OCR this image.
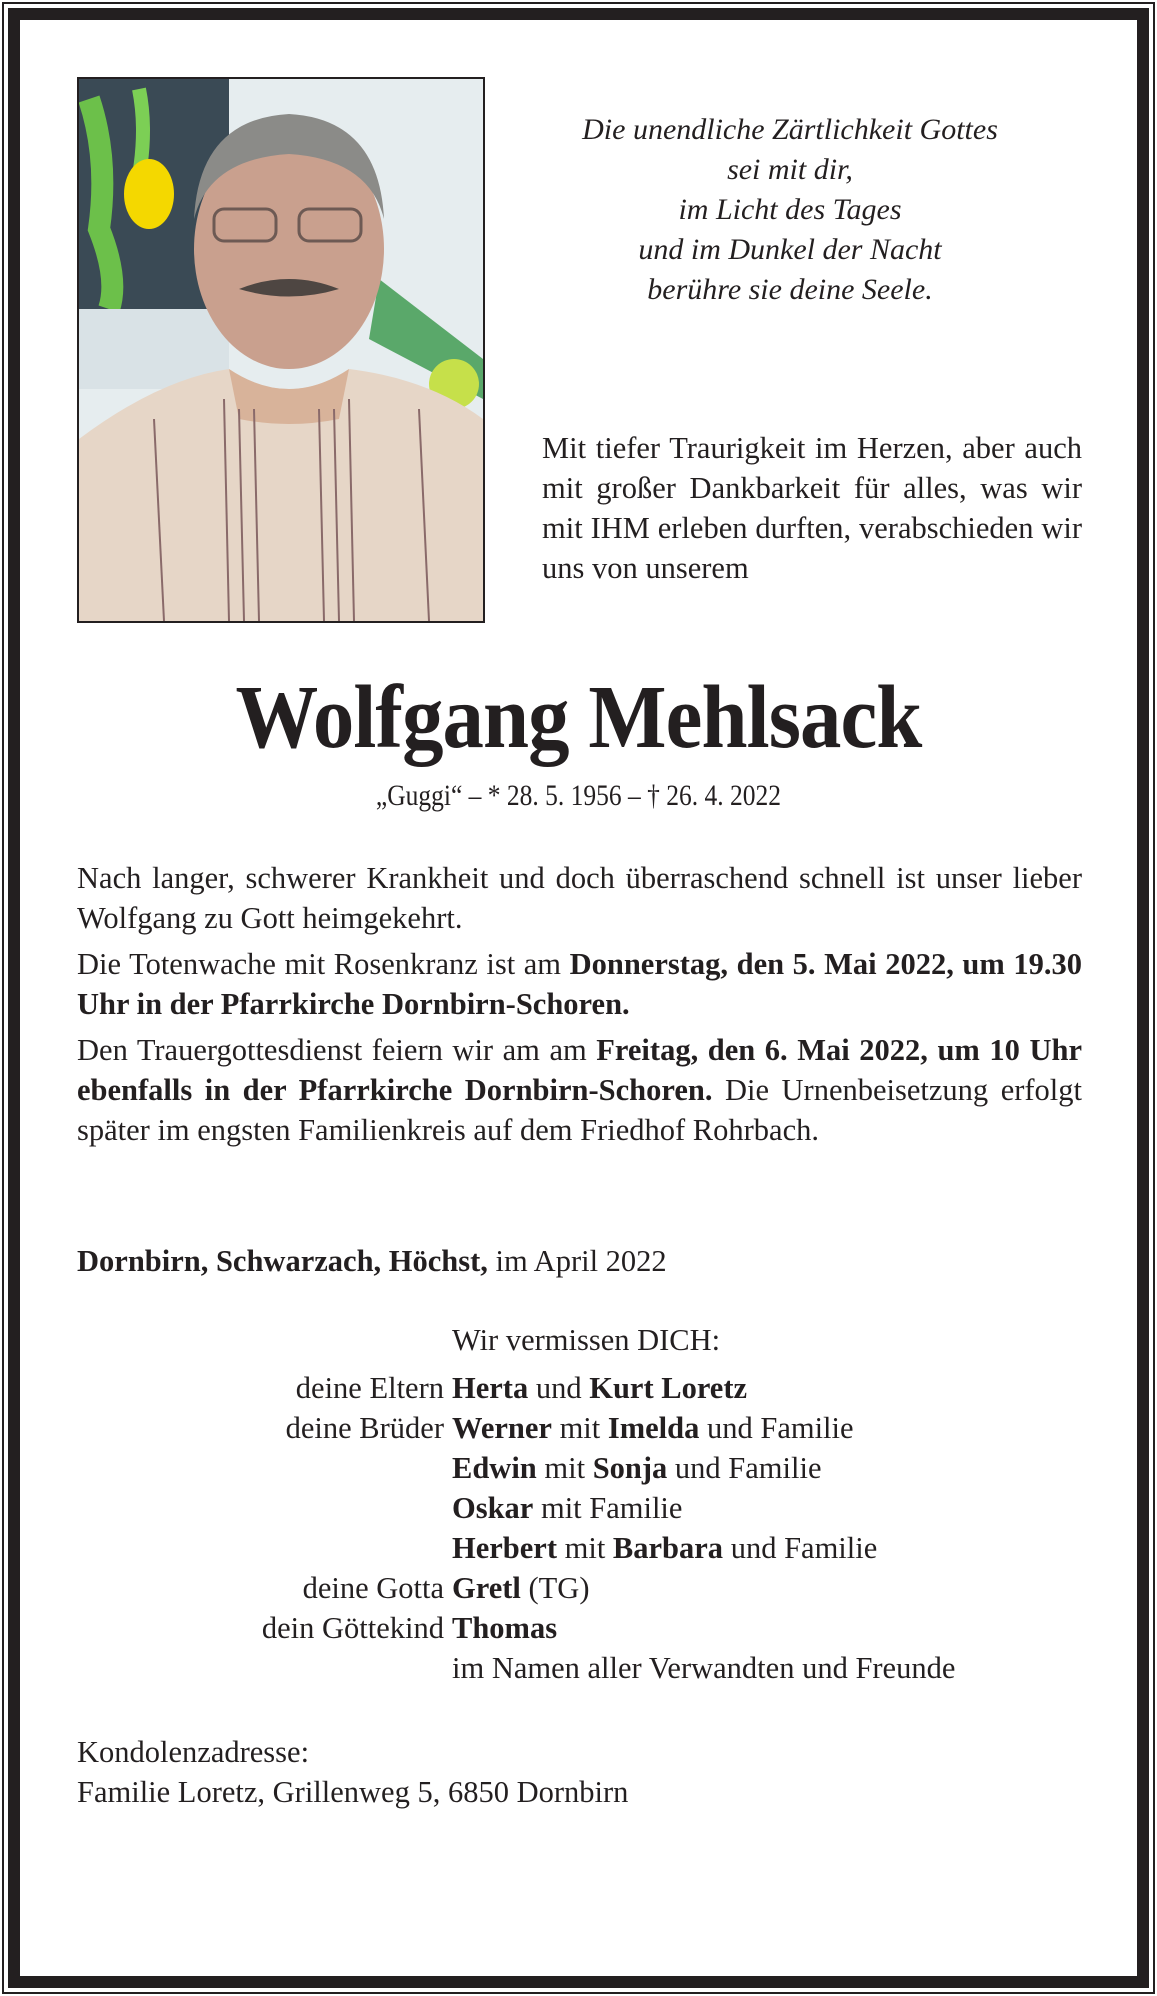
Die unendliche Zärtlichkeit Gottes
sei mit dir,
im Licht des Tages
und im Dunkel der Nacht
berühre sie deine Seele.
Mit tiefer Traurigkeit im Herzen, aber auch mit großer Dankbarkeit für alles, was wir mit IHM erleben durften, verabschieden wir uns von unserem
Wolfgang Mehlsack
„Guggi“ – * 28. 5. 1956 – † 26. 4. 2022

Nach langer, schwerer Krankheit und doch überraschend schnell ist unser lieber Wolfgang zu Gott heimgekehrt.

Die Totenwache mit Rosenkranz ist am Donnerstag, den 5. Mai 2022, um 19.30 Uhr in der Pfarrkirche Dornbirn-Schoren.

Den Trauergottesdienst feiern wir am am Freitag, den 6. Mai 2022, um 10 Uhr ebenfalls in der Pfarrkirche Dornbirn-Schoren. Die Urnenbeisetzung erfolgt später im engsten Familienkreis auf dem Friedhof Rohrbach.

Dornbirn, Schwarzach, Höchst, im April 2022
Wir vermissen DICH:
deine Eltern Herta und Kurt Loretz
deine Brüder Werner mit Imelda und Familie
Edwin mit Sonja und Familie
Oskar mit Familie
Herbert mit Barbara und Familie
deine Gotta Gretl (TG)
dein Göttekind Thomas
im Namen aller Verwandten und Freunde
Kondolenzadresse:
Familie Loretz, Grillenweg 5, 6850 Dornbirn
